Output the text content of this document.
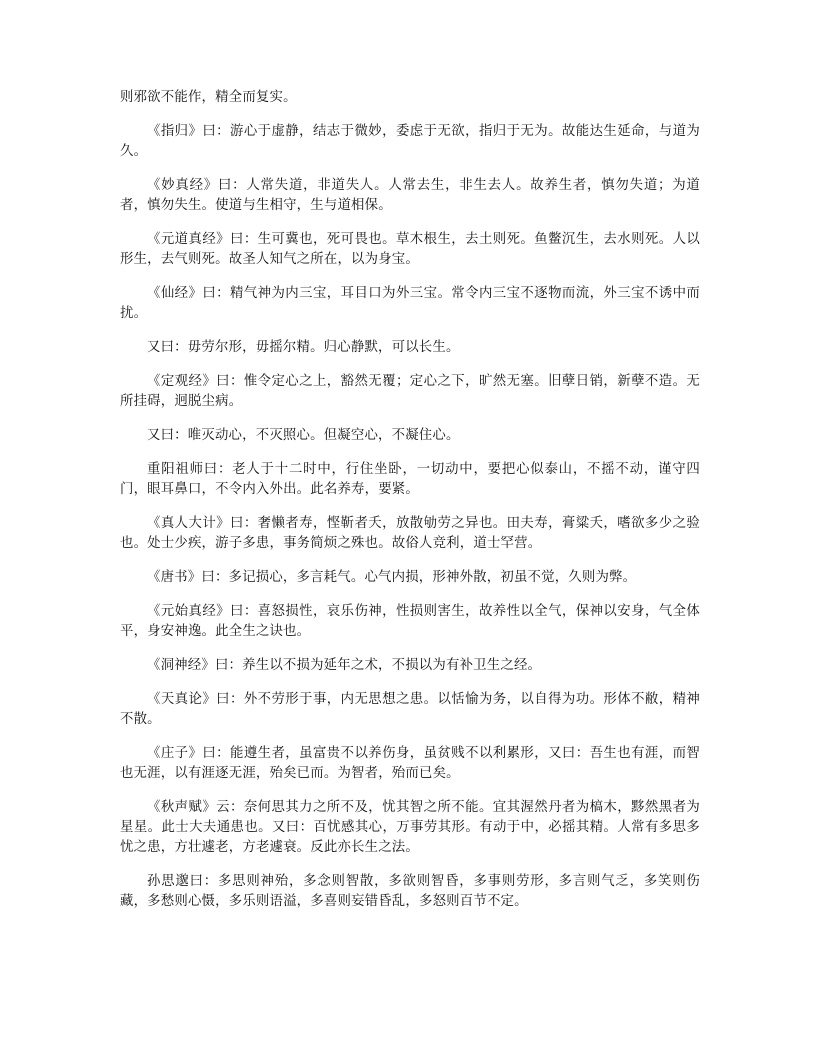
则邪欲不能作，精全而复实。

《指归》曰：游心于虚静，结志于微妙，委虑于无欲，指归于无为。故能达生延命，与道为久。

《妙真经》曰：人常失道，非道失人。人常去生，非生去人。故养生者，慎勿失道；为道者，慎勿失生。使道与生相守，生与道相保。

《元道真经》曰：生可冀也，死可畏也。草木根生，去土则死。鱼鳖沉生，去水则死。人以形生，去气则死。故圣人知气之所在，以为身宝。

《仙经》曰：精气神为内三宝，耳目口为外三宝。常令内三宝不逐物而流，外三宝不诱中而扰。

又曰：毋劳尔形，毋摇尔精。归心静默，可以长生。

《定观经》曰：惟令定心之上，豁然无覆；定心之下，旷然无塞。旧孽日销，新孽不造。无所挂碍，迥脱尘病。

又曰：唯灭动心，不灭照心。但凝空心，不凝住心。

重阳祖师曰：老人于十二时中，行住坐卧，一切动中，要把心似泰山，不摇不动，谨守四门，眼耳鼻口，不令内入外出。此名养寿，要紧。

《真人大计》曰：奢懒者寿，悭靳者夭，放散劬劳之异也。田夫寿，膏粱夭，嗜欲多少之验也。处士少疾，游子多患，事务简烦之殊也。故俗人竞利，道士罕营。

《唐书》曰：多记损心，多言耗气。心气内损，形神外散，初虽不觉，久则为弊。

《元始真经》曰：喜怒损性，哀乐伤神，性损则害生，故养性以全气，保神以安身，气全体平，身安神逸。此全生之诀也。

《洞神经》曰：养生以不损为延年之术，不损以为有补卫生之经。

《天真论》曰：外不劳形于事，内无思想之患。以恬愉为务，以自得为功。形体不敝，精神不散。

《庄子》曰：能遵生者，虽富贵不以养伤身，虽贫贱不以利累形，又曰：吾生也有涯，而智也无涯，以有涯逐无涯，殆矣已而。为智者，殆而已矣。

《秋声赋》云：奈何思其力之所不及，忧其智之所不能。宜其渥然丹者为槁木，黟然黑者为星星。此士大夫通患也。又曰：百忧感其心，万事劳其形。有动于中，必摇其精。人常有多思多忧之患，方壮遽老，方老遽衰。反此亦长生之法。

孙思邈曰：多思则神殆，多念则智散，多欲则智昏，多事则劳形，多言则气乏，多笑则伤藏，多愁则心慑，多乐则语溢，多喜则妄错昏乱，多怒则百节不定。
